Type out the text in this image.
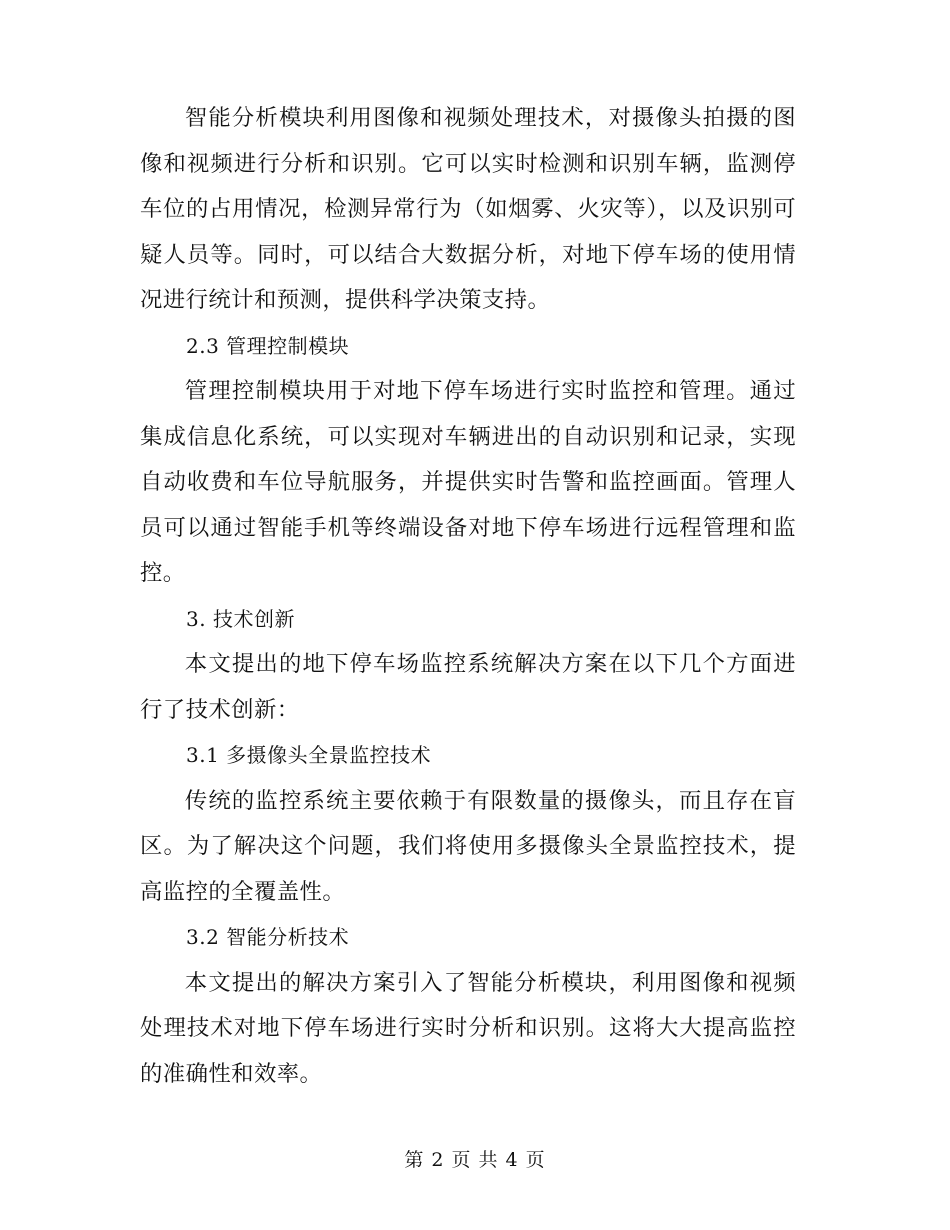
智能分析模块利用图像和视频处理技术，对摄像头拍摄的图像和视频进行分析和识别。它可以实时检测和识别车辆，监测停车位的占用情况，检测异常行为（如烟雾、火灾等），以及识别可疑人员等。同时，可以结合大数据分析，对地下停车场的使用情况进行统计和预测，提供科学决策支持。

2.3 管理控制模块

管理控制模块用于对地下停车场进行实时监控和管理。通过集成信息化系统，可以实现对车辆进出的自动识别和记录，实现自动收费和车位导航服务，并提供实时告警和监控画面。管理人员可以通过智能手机等终端设备对地下停车场进行远程管理和监控。

3. 技术创新

本文提出的地下停车场监控系统解决方案在以下几个方面进行了技术创新：

3.1 多摄像头全景监控技术

传统的监控系统主要依赖于有限数量的摄像头，而且存在盲区。为了解决这个问题，我们将使用多摄像头全景监控技术，提高监控的全覆盖性。

3.2 智能分析技术

本文提出的解决方案引入了智能分析模块，利用图像和视频处理技术对地下停车场进行实时分析和识别。这将大大提高监控的准确性和效率。

第 2 页 共 4 页
